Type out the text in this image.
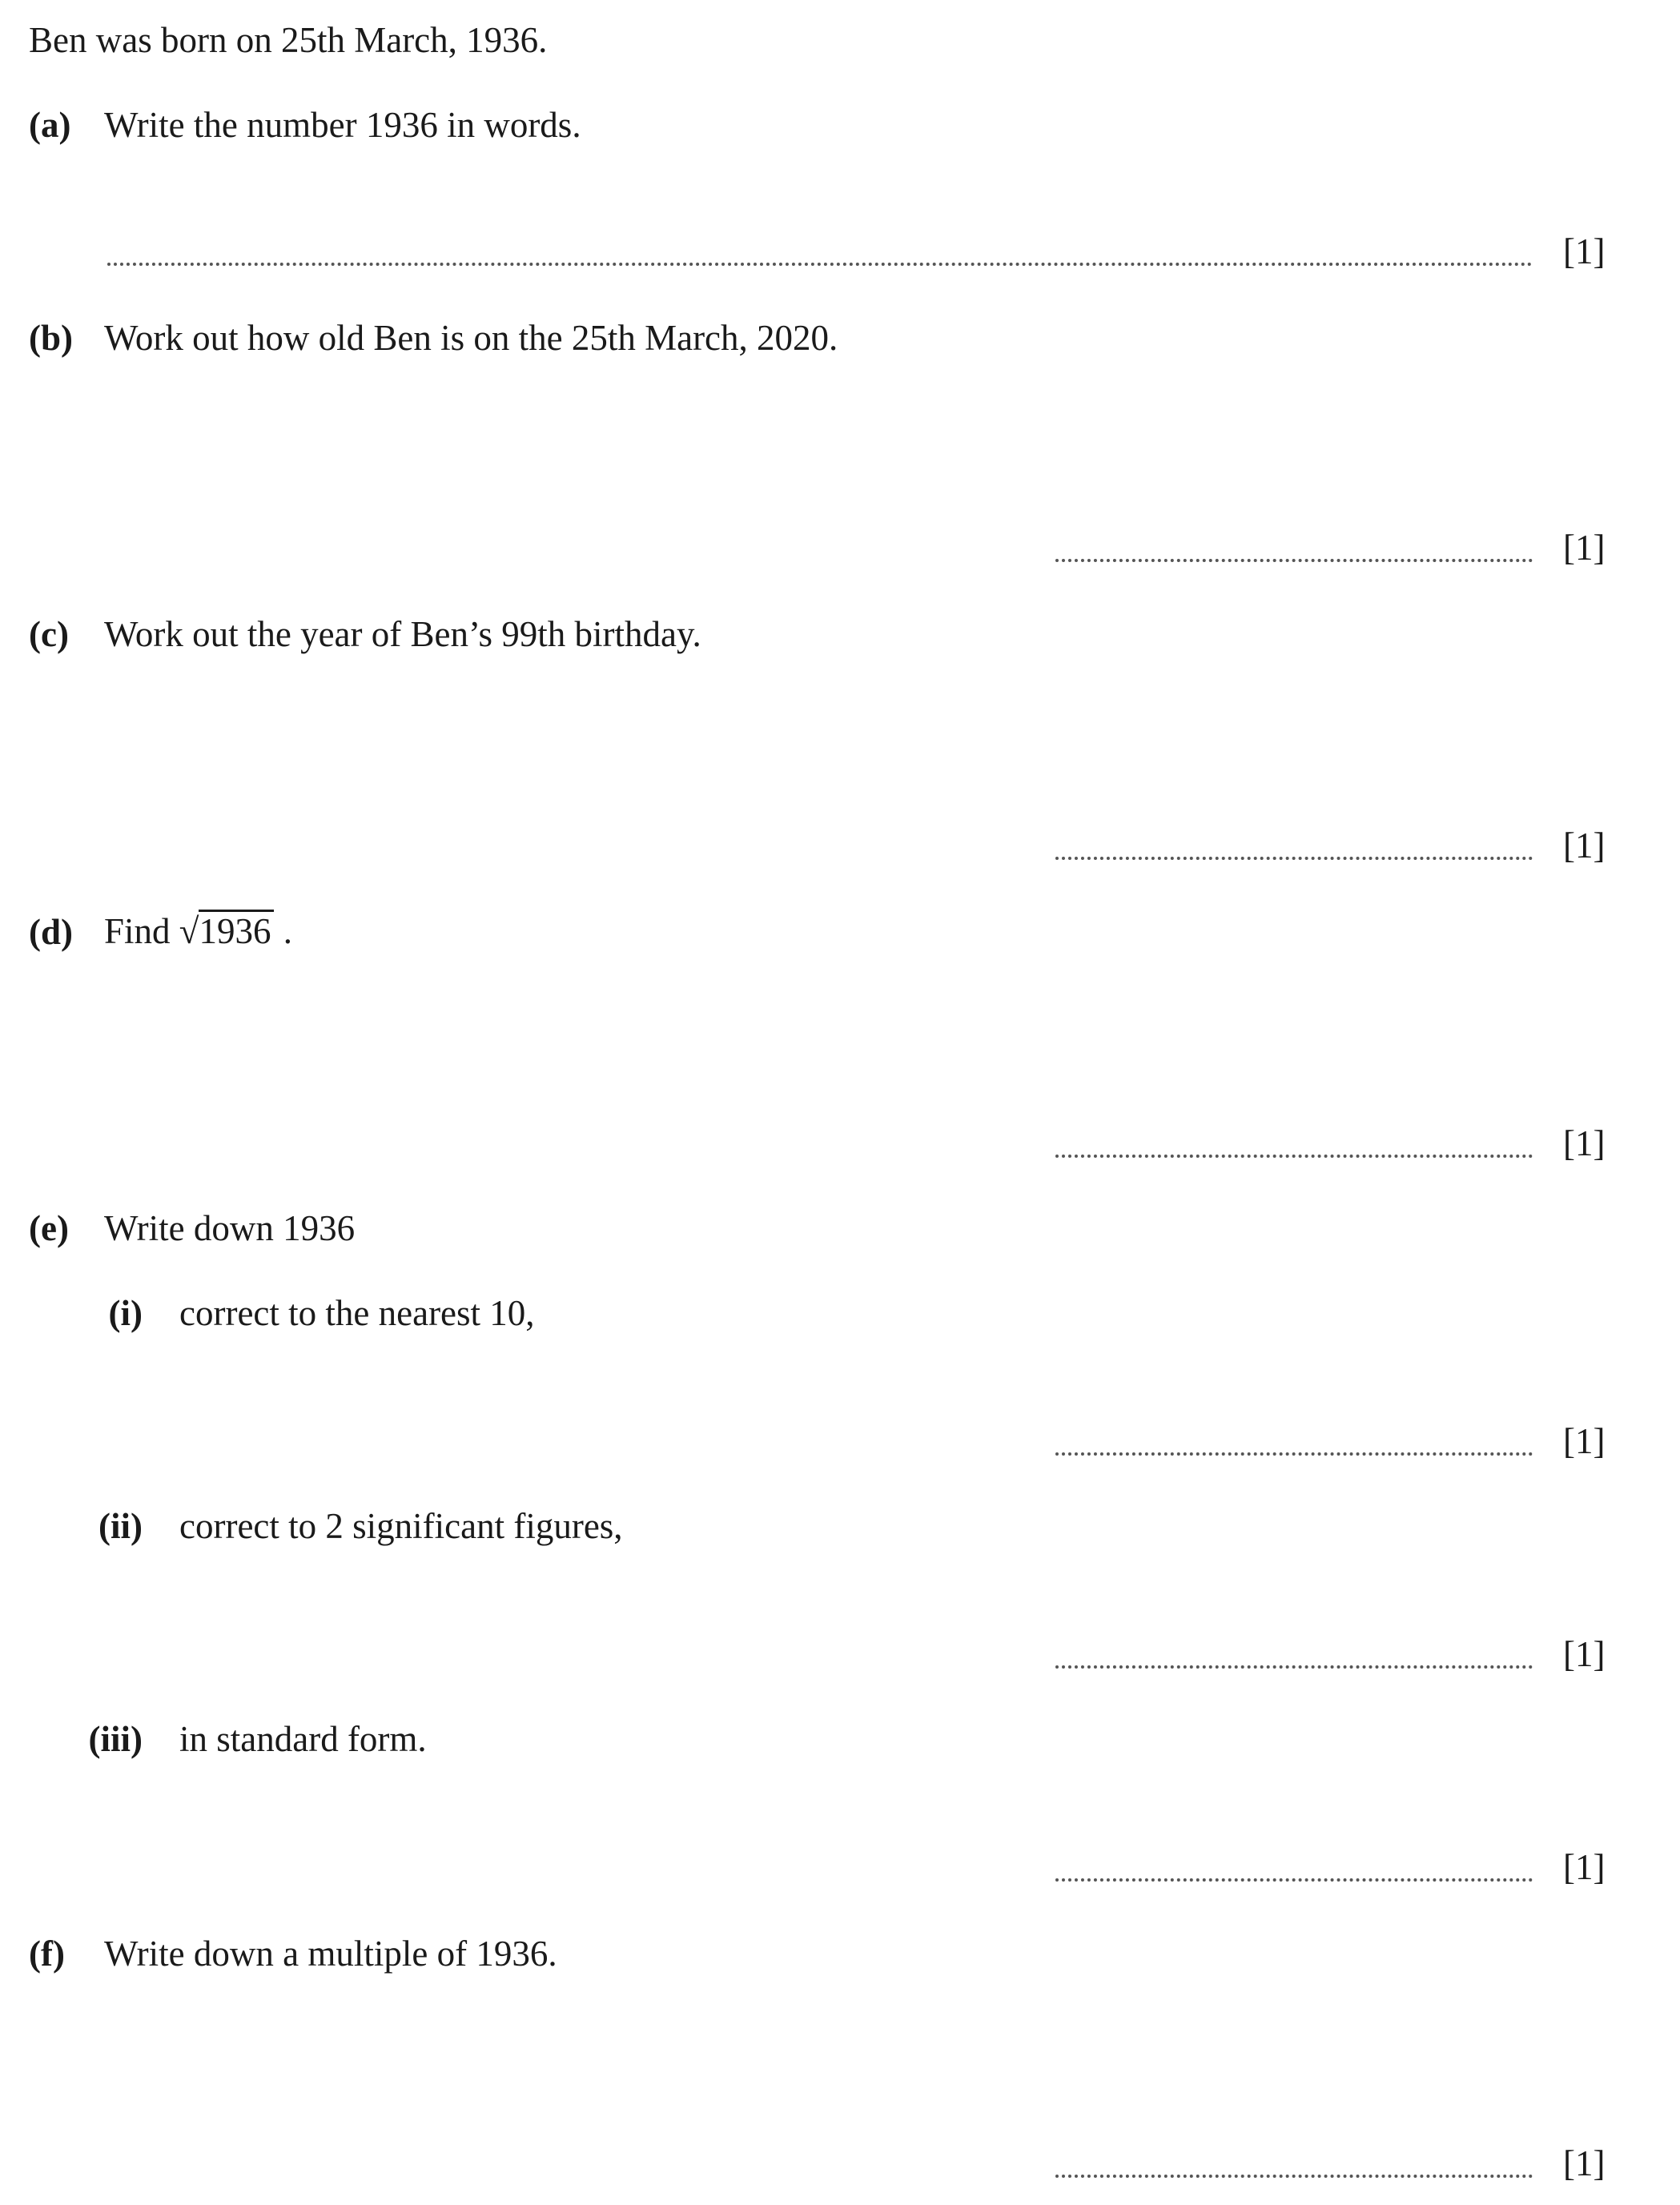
Ben was born on 25th March, 1936.
(a) Write the number 1936 in words.
[1]
(b) Work out how old Ben is on the 25th March, 2020.
[1]
(c) Work out the year of Ben’s 99th birthday.
[1]
(d) Find √1936 .
[1]
(e) Write down 1936
(i) correct to the nearest 10,
[1]
(ii) correct to 2 significant figures,
[1]
(iii) in standard form.
[1]
(f) Write down a multiple of 1936.
[1]
